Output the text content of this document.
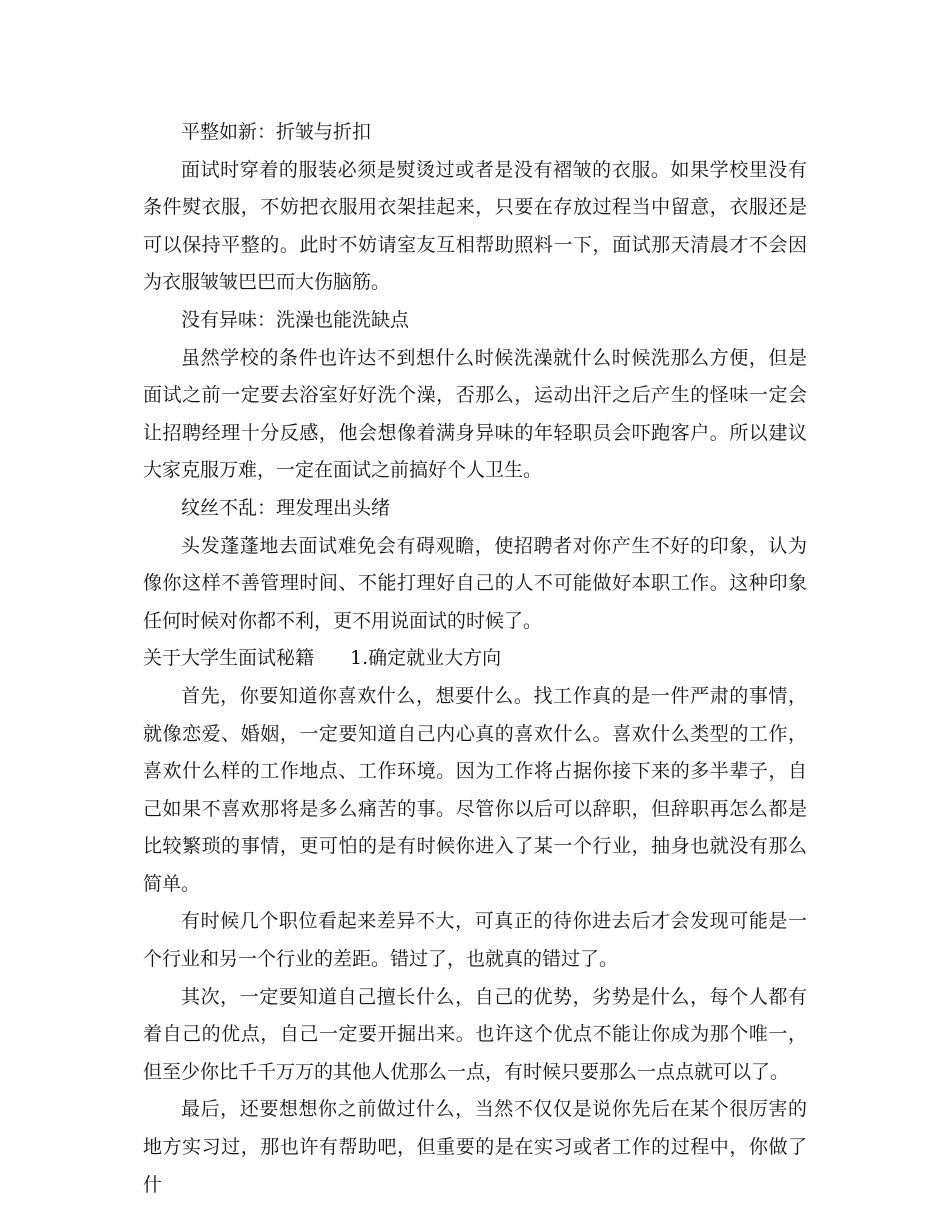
平整如新：折皱与折扣

面试时穿着的服装必须是熨烫过或者是没有褶皱的衣服。如果学校里没有条件熨衣服，不妨把衣服用衣架挂起来，只要在存放过程当中留意，衣服还是可以保持平整的。此时不妨请室友互相帮助照料一下，面试那天清晨才不会因为衣服皱皱巴巴而大伤脑筋。

没有异味：洗澡也能洗缺点

虽然学校的条件也许达不到想什么时候洗澡就什么时候洗那么方便，但是面试之前一定要去浴室好好洗个澡，否那么，运动出汗之后产生的怪味一定会让招聘经理十分反感，他会想像着满身异味的年轻职员会吓跑客户。所以建议大家克服万难，一定在面试之前搞好个人卫生。

纹丝不乱：理发理出头绪

头发蓬蓬地去面试难免会有碍观瞻，使招聘者对你产生不好的印象，认为像你这样不善管理时间、不能打理好自己的人不可能做好本职工作。这种印象任何时候对你都不利，更不用说面试的时候了。

关于大学生面试秘籍 1.确定就业大方向

首先，你要知道你喜欢什么，想要什么。找工作真的是一件严肃的事情，就像恋爱、婚姻，一定要知道自己内心真的喜欢什么。喜欢什么类型的工作，喜欢什么样的工作地点、工作环境。因为工作将占据你接下来的多半辈子，自己如果不喜欢那将是多么痛苦的事。尽管你以后可以辞职，但辞职再怎么都是比较繁琐的事情，更可怕的是有时候你进入了某一个行业，抽身也就没有那么简单。

有时候几个职位看起来差异不大，可真正的待你进去后才会发现可能是一个行业和另一个行业的差距。错过了，也就真的错过了。

其次，一定要知道自己擅长什么，自己的优势，劣势是什么，每个人都有着自己的优点，自己一定要开掘出来。也许这个优点不能让你成为那个唯一，但至少你比千千万万的其他人优那么一点，有时候只要那么一点点就可以了。

最后，还要想想你之前做过什么，当然不仅仅是说你先后在某个很厉害的地方实习过，那也许有帮助吧，但重要的是在实习或者工作的过程中，你做了什
